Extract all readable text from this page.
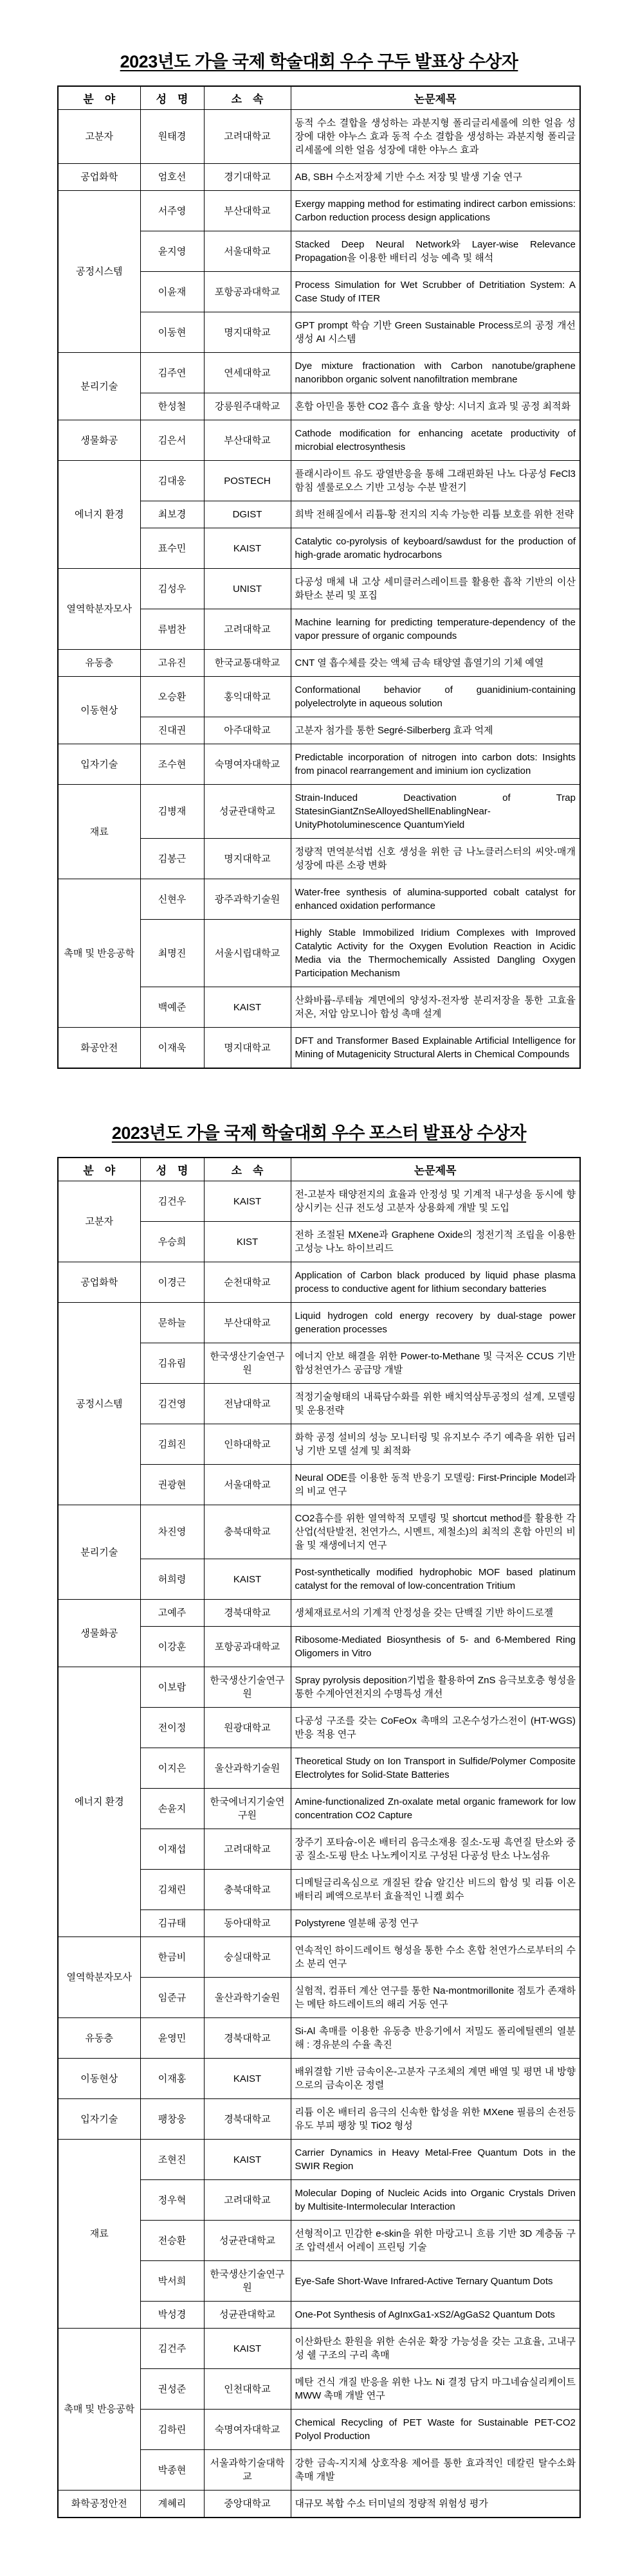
2023년도 가을 국제 학술대회 우수 구두 발표상 수상자
분　야	성　명	소　속	논문제목
고분자	원태경	고려대학교	동적 수소 결합을 생성하는 과분지형 폴리글리세롤에 의한 얼음 성장에 대한 야누스 효과 동적 수소 결합을 생성하는 과분지형 폴리글리세롤에 의한 얼음 성장에 대한 야누스 효과
공업화학	엄호선	경기대학교	AB, SBH 수소저장체 기반 수소 저장 및 발생 기술 연구
공정시스템	서주영	부산대학교	Exergy mapping method for estimating indirect carbon emissions: Carbon reduction process design applications
	윤지영	서울대학교	Stacked Deep Neural Network와 Layer-wise Relevance Propagation을 이용한 배터리 성능 예측 및 해석
	이윤재	포항공과대학교	Process Simulation for Wet Scrubber of Detritiation System: A Case Study of ITER
	이동현	명지대학교	GPT prompt 학습 기반 Green Sustainable Process로의 공정 개선 생성 AI 시스템
분리기술	김주연	연세대학교	Dye mixture fractionation with Carbon nanotube/graphene nanoribbon organic solvent nanofiltration membrane
	한성철	강릉원주대학교	혼합 아민을 통한 CO2 흡수 효율 향상: 시너지 효과 및 공정 최적화
생물화공	김은서	부산대학교	Cathode modification for enhancing acetate productivity of microbial electrosynthesis
에너지 환경	김대웅	POSTECH	플래시라이트 유도 광열반응을 통해 그래핀화된 나노 다공성 FeCl3 함침 셀룰로오스 기반 고성능 수분 발전기
	최보경	DGIST	희박 전해질에서 리튬-황 전지의 지속 가능한 리튬 보호를 위한 전략
	표수민	KAIST	Catalytic co-pyrolysis of keyboard/sawdust for the production of high-grade aromatic hydrocarbons
열역학분자모사	김성우	UNIST	다공성 매체 내 고상 세미클러스레이트를 활용한 흡착 기반의 이산화탄소 분리 및 포집
	류범찬	고려대학교	Machine learning for predicting temperature-dependency of the vapor pressure of organic compounds
유동층	고유진	한국교통대학교	CNT 열 흡수체를 갖는 액체 금속 태양열 흡열기의 기체 예열
이동현상	오승환	홍익대학교	Conformational behavior of guanidinium-containing polyelectrolyte in aqueous solution
	진대권	아주대학교	고분자 첨가를 통한 Segré-Silberberg 효과 억제
입자기술	조수현	숙명여자대학교	Predictable incorporation of nitrogen into carbon dots: Insights from pinacol rearrangement and iminium ion cyclization
재료	김병재	성균관대학교	Strain-Induced Deactivation of Trap StatesinGiantZnSeAlloyedShellEnablingNear-UnityPhotoluminescence QuantumYield
	김봉근	명지대학교	정량적 면역분석법 신호 생성을 위한 금 나노클러스터의 씨앗-매개 성장에 따른 소광 변화
촉매 및 반응공학	신현우	광주과학기술원	Water-free synthesis of alumina-supported cobalt catalyst for enhanced oxidation performance
	최명진	서울시립대학교	Highly Stable Immobilized Iridium Complexes with Improved Catalytic Activity for the Oxygen Evolution Reaction in Acidic Media via the Thermochemically Assisted Dangling Oxygen Participation Mechanism
	백예준	KAIST	산화바륨-루테늄 계면에의 양성자-전자쌍 분리저장을 통한 고효율 저온, 저압 암모니아 합성 촉매 설계
화공안전	이재욱	명지대학교	DFT and Transformer Based Explainable Artificial Intelligence for Mining of Mutagenicity Structural Alerts in Chemical Compounds
2023년도 가을 국제 학술대회 우수 포스터 발표상 수상자
분　야	성　명	소　속	논문제목
고분자	김건우	KAIST	전-고분자 태양전지의 효율과 안정성 및 기계적 내구성을 동시에 향상시키는 신규 전도성 고분자 상용화제 개발 및 도입
	우승희	KIST	전하 조절된 MXene과 Graphene Oxide의 정전기적 조립을 이용한 고성능 나노 하이브리드
공업화학	이경근	순천대학교	Application of Carbon black produced by liquid phase plasma process to conductive agent for lithium secondary batteries
공정시스템	문하늘	부산대학교	Liquid hydrogen cold energy recovery by dual-stage power generation processes
	김유림	한국생산기술연구원	에너지 안보 해결을 위한 Power-to-Methane 및 극저온 CCUS 기반 합성천연가스 공급망 개발
	김건영	전남대학교	적정기술형태의 내륙담수화를 위한 배치역삼투공정의 설계, 모델링 및 운용전략
	김희진	인하대학교	화학 공정 설비의 성능 모니터링 및 유지보수 주기 예측을 위한 딥러닝 기반 모델 설계 및 최적화
	권광현	서울대학교	Neural ODE를 이용한 동적 반응기 모델링: First-Principle Model과의 비교 연구
분리기술	차진영	충북대학교	CO2흡수를 위한 열역학적 모델링 및 shortcut method를 활용한 각 산업(석탄발전, 천연가스, 시멘트, 제철소)의 최적의 혼합 아민의 비율 및 재생에너지 연구
	허희령	KAIST	Post-synthetically modified hydrophobic MOF based platinum catalyst for the removal of low-concentration Tritium
생물화공	고예주	경북대학교	생체재료로서의 기계적 안정성을 갖는 단백질 기반 하이드로젤
	이강훈	포항공과대학교	Ribosome-Mediated Biosynthesis of 5- and 6-Membered Ring Oligomers in Vitro
에너지 환경	이보람	한국생산기술연구원	Spray pyrolysis deposition기법을 활용하여 ZnS 음극보호층 형성을 통한 수계아연전지의 수명특성 개선
	전이정	원광대학교	다공성 구조를 갖는 CoFeOx 촉매의 고온수성가스전이 (HT-WGS)반응 적용 연구
	이지은	울산과학기술원	Theoretical Study on Ion Transport in Sulfide/Polymer Composite Electrolytes for Solid-State Batteries
	손윤지	한국에너지기술연구원	Amine-functionalized Zn-oxalate metal organic framework for low concentration CO2 Capture
	이재섭	고려대학교	장주기 포타슘-이온 배터리 음극소재용 질소-도핑 흑연질 탄소와 중공 질소-도핑 탄소 나노케이지로 구성된 다공성 탄소 나노섬유
	김채린	충북대학교	디메틸글리옥심으로 개질된 칼슘 알긴산 비드의 합성 및 리튬 이온 배터리 폐액으로부터 효율적인 니켈 회수
	김규태	동아대학교	Polystyrene 열분해 공정 연구
열역학분자모사	한금비	숭실대학교	연속적인 하이드레이트 형성을 통한 수소 혼합 천연가스로부터의 수소 분리 연구
	임준규	울산과학기술원	실험적, 컴퓨터 계산 연구를 통한 Na-montmorillonite 점토가 존재하는 메탄 하드레이트의 해리 거동 연구
유동층	윤영민	경북대학교	Si-Al 촉매를 이용한 유동층 반응기에서 저밀도 폴리에틸렌의 열분해 : 경유분의 수율 촉진
이동현상	이재홍	KAIST	배위결합 기반 금속이온-고분자 구조체의 계면 배열 및 평면 내 방향으로의 금속이온 정렬
입자기술	팽창웅	경북대학교	리튬 이온 배터리 음극의 신속한 합성을 위한 MXene 필름의 손전등 유도 부피 팽창 및 TiO2 형성
재료	조현진	KAIST	Carrier Dynamics in Heavy Metal-Free Quantum Dots in the SWIR Region
	정우혁	고려대학교	Molecular Doping of Nucleic Acids into Organic Crystals Driven by Multisite-Intermolecular Interaction
	전승환	성균관대학교	선형적이고 민감한 e-skin을 위한 마랑고니 흐름 기반 3D 계층돔 구조 압력센서 어레이 프린팅 기술
	박서희	한국생산기술연구원	Eye-Safe Short-Wave Infrared-Active Ternary Quantum Dots
	박성경	성균관대학교	One-Pot Synthesis of AgInxGa1-xS2/AgGaS2 Quantum Dots
촉매 및 반응공학	김건주	KAIST	이산화탄소 환원을 위한 손쉬운 확장 가능성을 갖는 고효율, 고내구성 쉘 구조의 구리 촉매
	권성준	인천대학교	메탄 건식 개질 반응을 위한 나노 Ni 결정 담지 마그네슘실리케이트 MWW 촉매 개발 연구
	김하린	숙명여자대학교	Chemical Recycling of PET Waste for Sustainable PET-CO2 Polyol Production
	박종현	서울과학기술대학교	강한 금속-지지체 상호작용 제어를 통한 효과적인 데칼린 탈수소화 촉매 개발
화학공정안전	계혜리	중앙대학교	대규모 복합 수소 터미널의 정량적 위험성 평가
